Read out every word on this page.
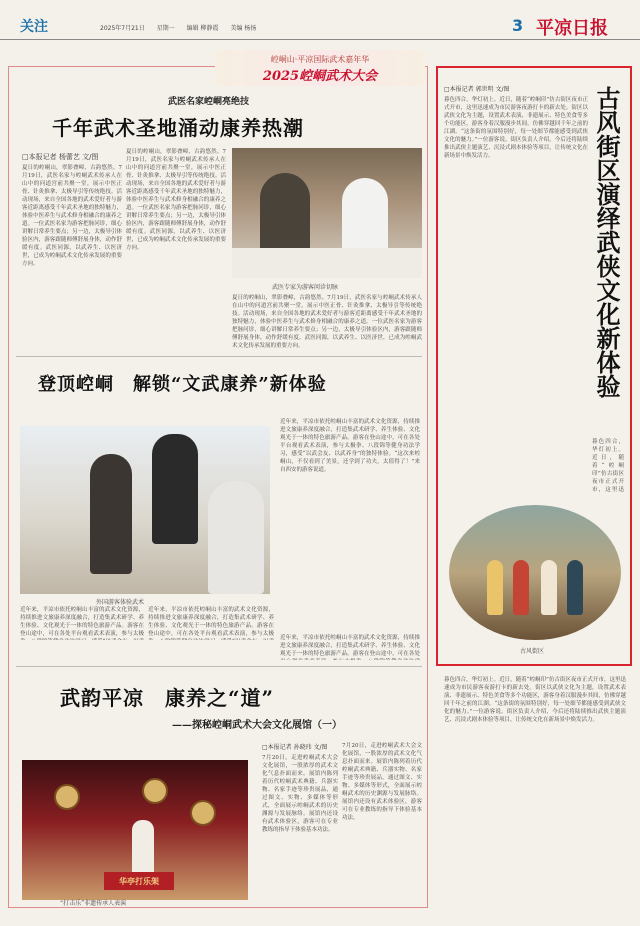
关注	2025年7月21日 星期一 编辑 柳静霞 美编 杨扬	3 平凉日报
崆峒山·平凉国际武术嘉年华
2025崆峒武术大会
武医名家崆峒亮绝技
千年武术圣地涌动康养热潮
□本报记者 杨蕾艺 文/图
夏日的崆峒山，翠影叠嶂，古韵悠然。7月19日，武医名家与崆峒武术传承人在山中的问道宫前共聚一堂，展示中医正骨、针灸推拿、太极导引等传统绝技。活动现场，来自全国各地的武术爱好者与游客近距离感受千年武术圣地的独特魅力，体验中医养生与武术修身相融合的康养之道。一位武医名家为游客把脉问诊，细心讲解日常养生要点；另一边，太极导引体验区内，游客跟随师傅舒展身体，动作舒缓有度。武医同源，以武养生、以医济世，已成为崆峒武术文化传承发展的重要方向。
夏日的崆峒山，翠影叠嶂，古韵悠然。7月19日，武医名家与崆峒武术传承人在山中的问道宫前共聚一堂，展示中医正骨、针灸推拿、太极导引等传统绝技。活动现场，来自全国各地的武术爱好者与游客近距离感受千年武术圣地的独特魅力，体验中医养生与武术修身相融合的康养之道。一位武医名家为游客把脉问诊，细心讲解日常养生要点；另一边，太极导引体验区内，游客跟随师傅舒展身体，动作舒缓有度。武医同源，以武养生、以医济世，已成为崆峒武术文化传承发展的重要方向。
武医专家为游客问诊切脉
夏日的崆峒山，翠影叠嶂，古韵悠然。7月19日，武医名家与崆峒武术传承人在山中的问道宫前共聚一堂，展示中医正骨、针灸推拿、太极导引等传统绝技。活动现场，来自全国各地的武术爱好者与游客近距离感受千年武术圣地的独特魅力，体验中医养生与武术修身相融合的康养之道。一位武医名家为游客把脉问诊，细心讲解日常养生要点；另一边，太极导引体验区内，游客跟随师傅舒展身体，动作舒缓有度。武医同源，以武养生、以医济世，已成为崆峒武术文化传承发展的重要方向。
登顶崆峒　解锁“文武康养”新体验
近年来，平凉市依托崆峒山丰富的武术文化资源，持续推进文旅康养深度融合，打造集武术研学、养生体验、文化观光于一体的特色旅游产品。游客在登山途中，可在各处平台观看武术表演，参与太极拳、八段锦等健身功法学习，感受“以武会友、以武养身”的独特体验。“这次来崆峒山，不仅看到了美景，还学到了功夫，太值得了！”来自西安的游客说道。
外国游客体验武术
近年来，平凉市依托崆峒山丰富的武术文化资源，持续推进文旅康养深度融合，打造集武术研学、养生体验、文化观光于一体的特色旅游产品。游客在登山途中，可在各处平台观看武术表演，参与太极
近年来，平凉市依托崆峒山丰富的武术文化资源，持续推进文旅康养深度融合，打造集武术研学、养生体验、文化观光于一体的特色旅游产品。游客在登山途中，可在各处平台观看武术表演，参与太极
近年来，平凉市依托崆峒山丰富的武术文化资源，持续推进文旅康养深度融合，打造集武术研学、养生体验、文化观光于一体的特色旅游产品。游客在登山途中，可在各处
□本报记者 郭世明 文/图
暮色四合，华灯初上。近日，随着“崆峒印”仿古街区夜市正式开市，这里迅速成为市民游客夜游打卡的新去处。街区以武侠文化为主题，设置武术表演、非遗展示、特色美食等多个功能区，游客身着汉服漫步其间，仿佛穿越回千年之前的江湖。“这条街的氛围特别好，每一处细节都能感受到武侠文化的魅力。”一位游客说。街区负责人介绍，今后还将陆续推出武侠主题演艺、沉浸式剧本体验等项目，让传统文化在新场景中焕发活力。	古风街区演绎武侠文化新体验
暮色四合，华灯初上。近日，随着“崆峒印”仿古街区夜市正式开市，这里迅
古风街区
武韵平凉　康养之“道”
——探秘崆峒武术大会文化展馆（一）
华亭打乐架
“打击乐”非遗传承人表演
□本报记者 孙晓玮 文/图
7月20日，走进崆峒武术大会文化展馆，一股浓厚的武术文化气息扑面而来。展馆内陈列着历代崆峒武术典籍、兵器实物、名家手迹等珍贵展品，通过图文、实物、多媒体等形式，全面展示崆峒武术的历史渊源与发展脉络。展馆内还设有武术体验区，游客可在专业教练的指导下体验基本功法。
7月20日，走进崆峒武术大会文化展馆，一股浓厚的武术文化气息扑面而来。展馆内陈列着历代崆峒武术典籍、兵器实物、名家手迹等珍贵展品，通过图文、实物、多媒体等形式，全面展示崆峒武术的历史渊源与发展脉络。展馆内还设有武术体验区，游客可在专业教练的指导下体验基本功法。
暮色四合，华灯初上。近日，随着“崆峒印”仿古街区夜市正式开市，这里迅速成为市民游客夜游打卡的新去处。街区以武侠文化为主题，设置武术表演、非遗展示、特色美食等多个功能区，游客身着汉服漫步其间，仿佛穿越回千年之前的江湖。“这条街的氛围特别好，每一处细节都能感受到武侠文化的魅力。”一位游客说。街区负责人介绍，今后还将陆续推出武侠主题演艺、沉浸式剧本体验等项目，让传统文化在新场景中焕发活力。
